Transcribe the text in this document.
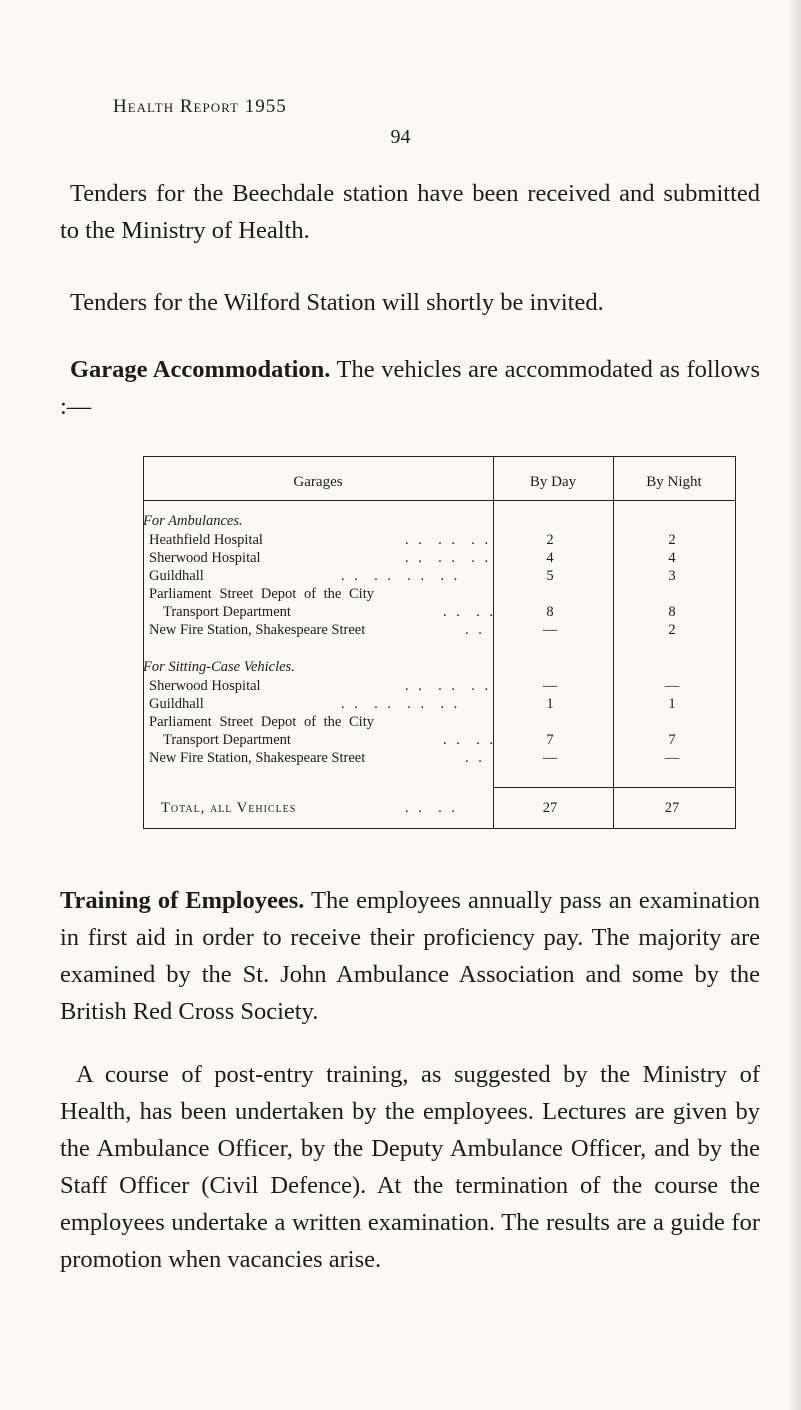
Health Report 1955
94

Tenders for the Beechdale station have been received and submitted to the Ministry of Health.

Tenders for the Wilford Station will shortly be invited.

Garage Accommodation. The vehicles are accommodated as follows :—

Garages	By Day	By Night
For Ambulances.
Heathfield Hospital	. .  . .  . .	2	2
Sherwood Hospital	. .  . .  . .	4	4
Guildhall	. .  . .  . .  . .	5	3
Parliament Street Depot of the City
Transport Department	. .  . .	8	8
New Fire Station, Shakespeare Street	. .	—	2
For Sitting-Case Vehicles.
Sherwood Hospital	. .  . .  . .	—	—
Guildhall	. .  . .  . .  . .	1	1
Parliament Street Depot of the City
Transport Department	. .  . .	7	7
New Fire Station, Shakespeare Street	. .	—	—
Total, all Vehicles	. .  . .	27	27

Training of Employees. The employees annually pass an examination in first aid in order to receive their proficiency pay. The majority are examined by the St. John Ambulance Association and some by the British Red Cross Society.

A course of post-entry training, as suggested by the Ministry of Health, has been undertaken by the employees. Lectures are given by the Ambulance Officer, by the Deputy Ambulance Officer, and by the Staff Officer (Civil Defence). At the termination of the course the employees undertake a written examination. The results are a guide for promotion when vacancies arise.
